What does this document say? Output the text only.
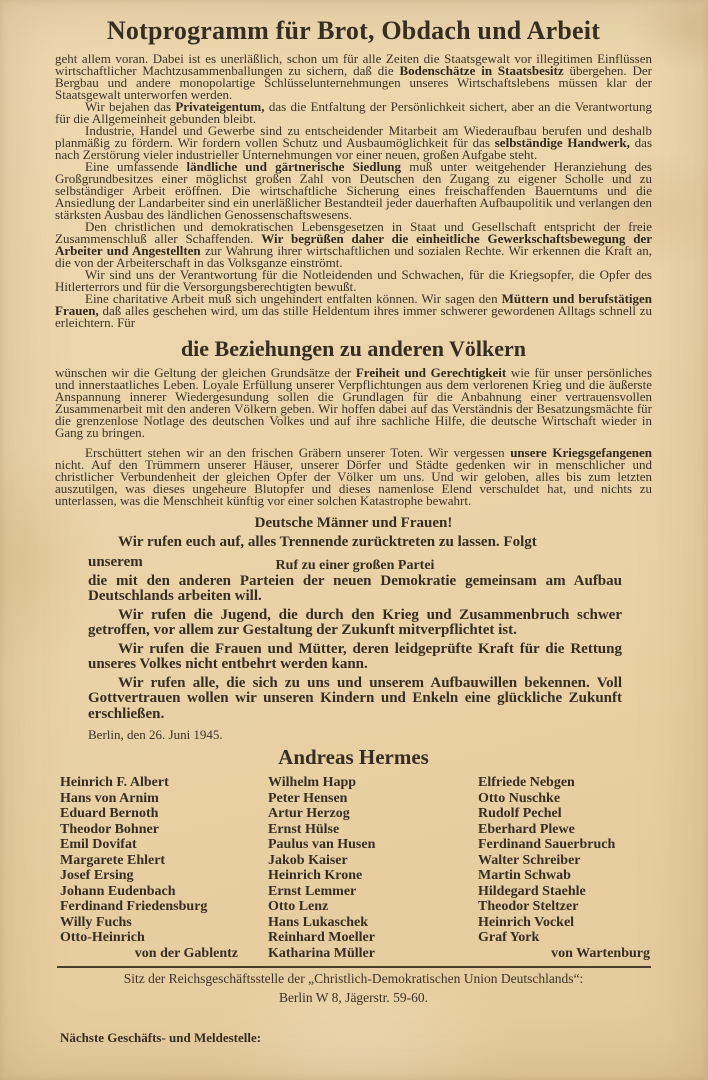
Notprogramm für Brot, Obdach und Arbeit

geht allem voran. Dabei ist es unerläßlich, schon um für alle Zeiten die Staatsgewalt vor illegitimen Einflüssen wirtschaftlicher Machtzusammenballungen zu sichern, daß die Bodenschätze in Staatsbesitz übergehen. Der Bergbau und andere monopolartige Schlüsselunternehmungen unseres Wirtschaftslebens müssen klar der Staatsgewalt unterworfen werden.

Wir bejahen das Privateigentum, das die Entfaltung der Persönlichkeit sichert, aber an die Verantwortung für die Allgemeinheit gebunden bleibt.

Industrie, Handel und Gewerbe sind zu entscheidender Mitarbeit am Wiederaufbau berufen und deshalb planmäßig zu fördern. Wir fordern vollen Schutz und Ausbaumöglichkeit für das selbständige Handwerk, das nach Zerstörung vieler industrieller Unternehmungen vor einer neuen, großen Aufgabe steht.

Eine umfassende ländliche und gärtnerische Siedlung muß unter weitgehender Heranziehung des Großgrundbesitzes einer möglichst großen Zahl von Deutschen den Zugang zu eigener Scholle und zu selbständiger Arbeit eröffnen. Die wirtschaftliche Sicherung eines freischaffenden Bauerntums und die Ansiedlung der Landarbeiter sind ein unerläßlicher Bestandteil jeder dauerhaften Aufbaupolitik und verlangen den stärksten Ausbau des ländlichen Genossenschaftswesens.

Den christlichen und demokratischen Lebensgesetzen in Staat und Gesellschaft entspricht der freie Zusammenschluß aller Schaffenden. Wir begrüßen daher die einheitliche Gewerkschaftsbewegung der Arbeiter und Angestellten zur Wahrung ihrer wirtschaftlichen und sozialen Rechte. Wir erkennen die Kraft an, die von der Arbeiterschaft in das Volksganze einströmt.

Wir sind uns der Verantwortung für die Notleidenden und Schwachen, für die Kriegsopfer, die Opfer des Hitlerterrors und für die Versorgungsberechtigten bewußt.

Eine charitative Arbeit muß sich ungehindert entfalten können. Wir sagen den Müttern und berufstätigen Frauen, daß alles geschehen wird, um das stille Heldentum ihres immer schwerer gewordenen Alltags schnell zu erleichtern. Für

die Beziehungen zu anderen Völkern

wünschen wir die Geltung der gleichen Grundsätze der Freiheit und Gerechtigkeit wie für unser persönliches und innerstaatliches Leben. Loyale Erfüllung unserer Verpflichtungen aus dem verlorenen Krieg und die äußerste Anspannung innerer Wiedergesundung sollen die Grundlagen für die Anbahnung einer vertrauensvollen Zusammenarbeit mit den anderen Völkern geben. Wir hoffen dabei auf das Verständnis der Besatzungsmächte für die grenzenlose Notlage des deutschen Volkes und auf ihre sachliche Hilfe, die deutsche Wirtschaft wieder in Gang zu bringen.

Erschüttert stehen wir an den frischen Gräbern unserer Toten. Wir vergessen unsere Kriegsgefangenen nicht. Auf den Trümmern unserer Häuser, unserer Dörfer und Städte gedenken wir in menschlicher und christlicher Verbundenheit der gleichen Opfer der Völker um uns. Und wir geloben, alles bis zum letzten auszutilgen, was dieses ungeheure Blutopfer und dieses namenlose Elend verschuldet hat, und nichts zu unterlassen, was die Menschheit künftig vor einer solchen Katastrophe bewahrt.

Deutsche Männer und Frauen!

Wir rufen euch auf, alles Trennende zurücktreten zu lassen. Folgt

unserem	Ruf zu einer großen Partei

die mit den anderen Parteien der neuen Demokratie gemeinsam am Aufbau Deutschlands arbeiten will.

Wir rufen die Jugend, die durch den Krieg und Zusammenbruch schwer getroffen, vor allem zur Gestaltung der Zukunft mitverpflichtet ist.

Wir rufen die Frauen und Mütter, deren leidgeprüfte Kraft für die Rettung unseres Volkes nicht entbehrt werden kann.

Wir rufen alle, die sich zu uns und unserem Aufbauwillen bekennen. Voll Gottvertrauen wollen wir unseren Kindern und Enkeln eine glückliche Zukunft erschließen.

Berlin, den 26. Juni 1945.

Andreas Hermes
Heinrich F. Albert
Hans von Arnim
Eduard Bernoth
Theodor Bohner
Emil Dovifat
Margarete Ehlert
Josef Ersing
Johann Eudenbach
Ferdinand Friedensburg
Willy Fuchs
Otto-Heinrich
von der Gablentz
Wilhelm Happ
Peter Hensen
Artur Herzog
Ernst Hülse
Paulus van Husen
Jakob Kaiser
Heinrich Krone
Ernst Lemmer
Otto Lenz
Hans Lukaschek
Reinhard Moeller
Katharina Müller
Elfriede Nebgen
Otto Nuschke
Rudolf Pechel
Eberhard Plewe
Ferdinand Sauerbruch
Walter Schreiber
Martin Schwab
Hildegard Staehle
Theodor Steltzer
Heinrich Vockel
Graf York
von Wartenburg

Sitz der Reichsgeschäftsstelle der „Christlich-Demokratischen Union Deutschlands“:

Berlin W 8, Jägerstr. 59-60.

Nächste Geschäfts- und Meldestelle:
